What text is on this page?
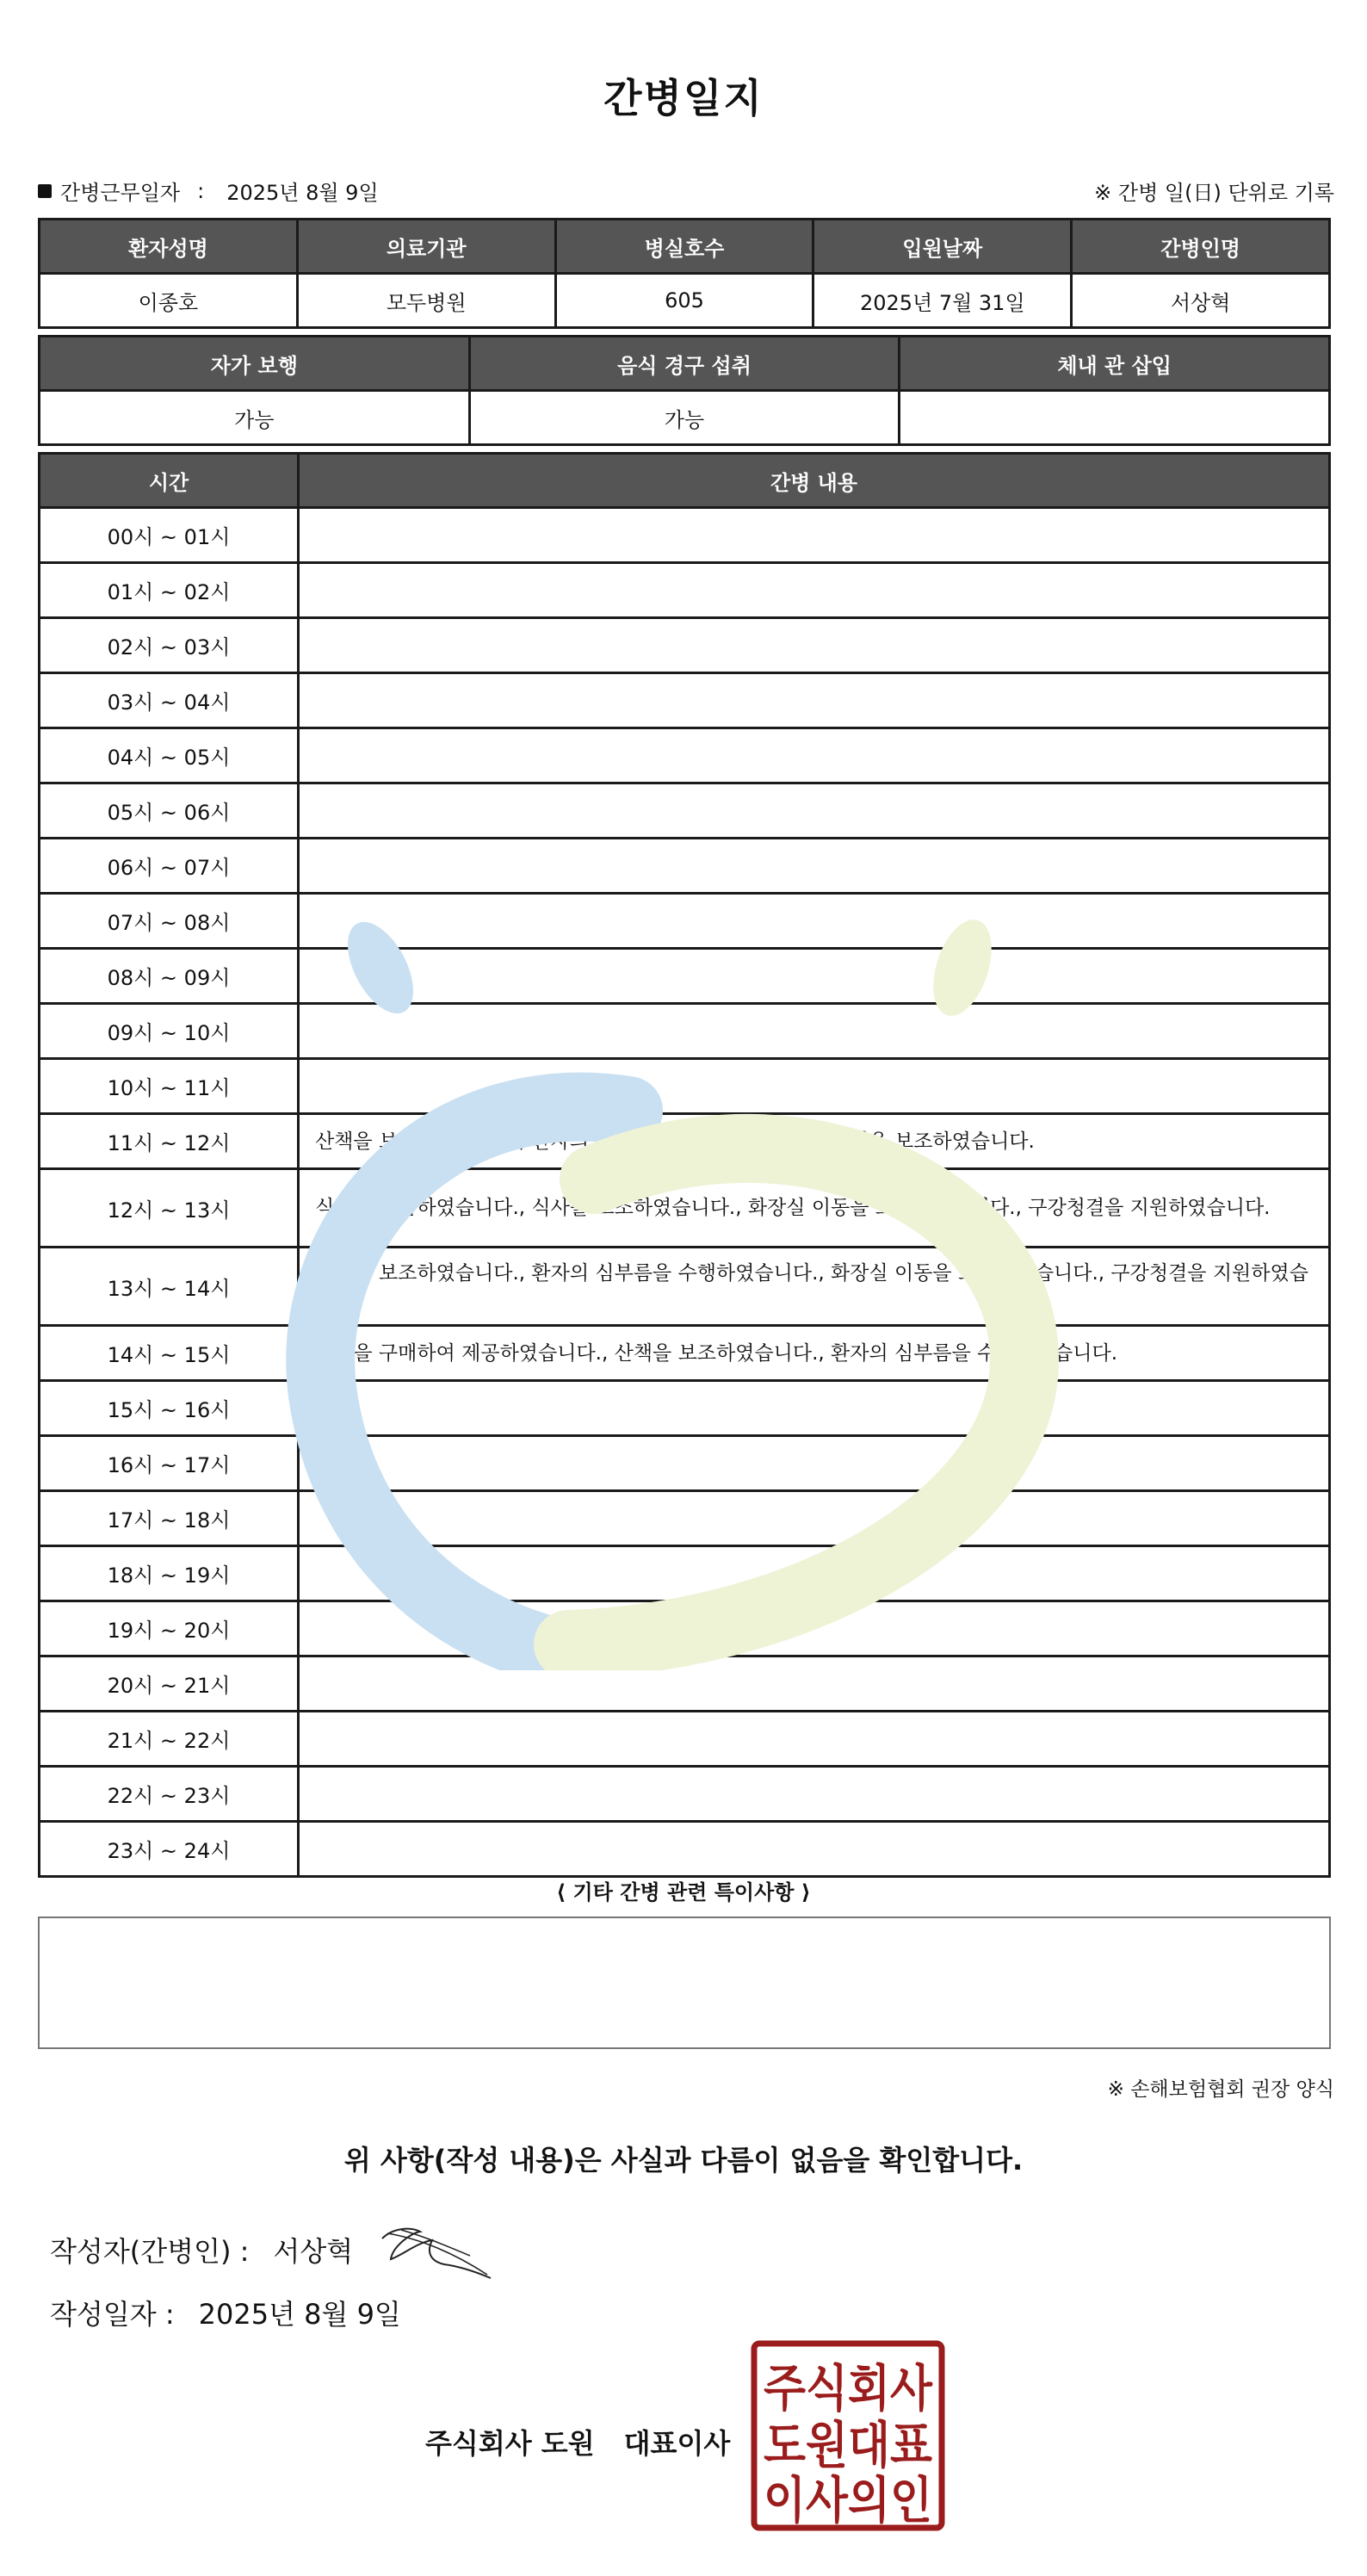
간병일지
간병근무일자 : 2025년 8월 9일	※ 간병 일(日) 단위로 기록
환자성명	의료기관	병실호수	입원날짜	간병인명
이종호	모두병원	605	2025년 7월 31일	서상혁
자가 보행	음식 경구 섭취	체내 관 삽입
가능	가능	
시간	간병 내용
00시 ~ 01시	
01시 ~ 02시	
02시 ~ 03시	
03시 ~ 04시	
04시 ~ 05시	
05시 ~ 06시	
06시 ~ 07시	
07시 ~ 08시	
08시 ~ 09시	
09시 ~ 10시	
10시 ~ 11시	
11시 ~ 12시	산책을 보조하였습니다., 환자의 심부름을 수행하였습니다., 세면을 보조하였습니다.
12시 ~ 13시	식기를 반납하였습니다., 식사를 보조하였습니다., 화장실 이동을 보조하였습니다., 구강청결을 지원하였습니다.
13시 ~ 14시	산책을 보조하였습니다., 환자의 심부름을 수행하였습니다., 화장실 이동을 보조하였습니다., 구강청결을 지원하였습니다.
14시 ~ 15시	간식을 구매하여 제공하였습니다., 산책을 보조하였습니다., 환자의 심부름을 수행하였습니다.
15시 ~ 16시	
16시 ~ 17시	
17시 ~ 18시	
18시 ~ 19시	
19시 ~ 20시	
20시 ~ 21시	
21시 ~ 22시	
22시 ~ 23시	
23시 ~ 24시	
⟨ 기타 간병 관련 특이사항 ⟩
※ 손해보험협회 권장 양식
위 사항(작성 내용)은 사실과 다름이 없음을 확인합니다.
작성자(간병인) : 서상혁
작성일자 : 2025년 8월 9일
주식회사 도원 대표이사
주식회사
도원대표
이사의인
